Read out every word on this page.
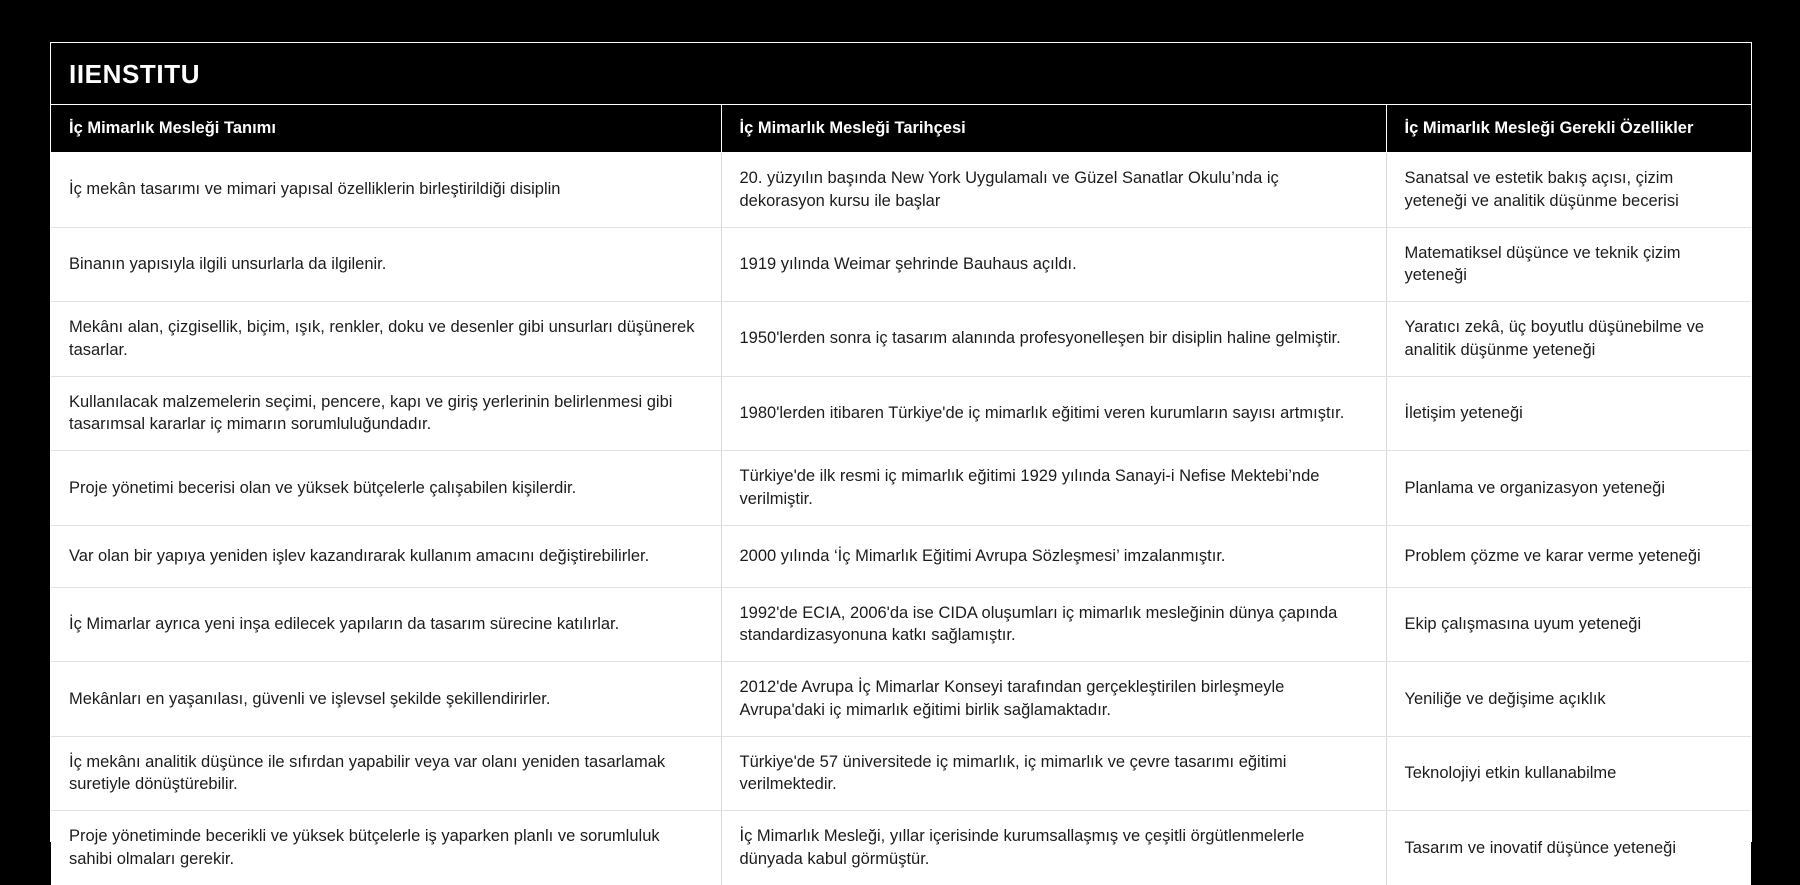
IIENSTITU
İç Mimarlık Mesleği Tanımı	İç Mimarlık Mesleği Tarihçesi	İç Mimarlık Mesleği Gerekli Özellikler
İç mekân tasarımı ve mimari yapısal özelliklerin birleştirildiği disiplin	20. yüzyılın başında New York Uygulamalı ve Güzel Sanatlar Okulu’nda iç dekorasyon kursu ile başlar	Sanatsal ve estetik bakış açısı, çizim yeteneği ve analitik düşünme becerisi
Binanın yapısıyla ilgili unsurlarla da ilgilenir.	1919 yılında Weimar şehrinde Bauhaus açıldı.	Matematiksel düşünce ve teknik çizim yeteneği
Mekânı alan, çizgisellik, biçim, ışık, renkler, doku ve desenler gibi unsurları düşünerek tasarlar.	1950'lerden sonra iç tasarım alanında profesyonelleşen bir disiplin haline gelmiştir.	Yaratıcı zekâ, üç boyutlu düşünebilme ve analitik düşünme yeteneği
Kullanılacak malzemelerin seçimi, pencere, kapı ve giriş yerlerinin belirlenmesi gibi tasarımsal kararlar iç mimarın sorumluluğundadır.	1980'lerden itibaren Türkiye'de iç mimarlık eğitimi veren kurumların sayısı artmıştır.	İletişim yeteneği
Proje yönetimi becerisi olan ve yüksek bütçelerle çalışabilen kişilerdir.	Türkiye'de ilk resmi iç mimarlık eğitimi 1929 yılında Sanayi-i Nefise Mektebi’nde verilmiştir.	Planlama ve organizasyon yeteneği
Var olan bir yapıya yeniden işlev kazandırarak kullanım amacını değiştirebilirler.	2000 yılında ‘İç Mimarlık Eğitimi Avrupa Sözleşmesi’ imzalanmıştır.	Problem çözme ve karar verme yeteneği
İç Mimarlar ayrıca yeni inşa edilecek yapıların da tasarım sürecine katılırlar.	1992'de ECIA, 2006'da ise CIDA oluşumları iç mimarlık mesleğinin dünya çapında standardizasyonuna katkı sağlamıştır.	Ekip çalışmasına uyum yeteneği
Mekânları en yaşanılası, güvenli ve işlevsel şekilde şekillendirirler.	2012'de Avrupa İç Mimarlar Konseyi tarafından gerçekleştirilen birleşmeyle Avrupa'daki iç mimarlık eğitimi birlik sağlamaktadır.	Yeniliğe ve değişime açıklık
İç mekânı analitik düşünce ile sıfırdan yapabilir veya var olanı yeniden tasarlamak suretiyle dönüştürebilir.	Türkiye'de 57 üniversitede iç mimarlık, iç mimarlık ve çevre tasarımı eğitimi verilmektedir.	Teknolojiyi etkin kullanabilme
Proje yönetiminde becerikli ve yüksek bütçelerle iş yaparken planlı ve sorumluluk sahibi olmaları gerekir.	İç Mimarlık Mesleği, yıllar içerisinde kurumsallaşmış ve çeşitli örgütlenmelerle dünyada kabul görmüştür.	Tasarım ve inovatif düşünce yeteneği
